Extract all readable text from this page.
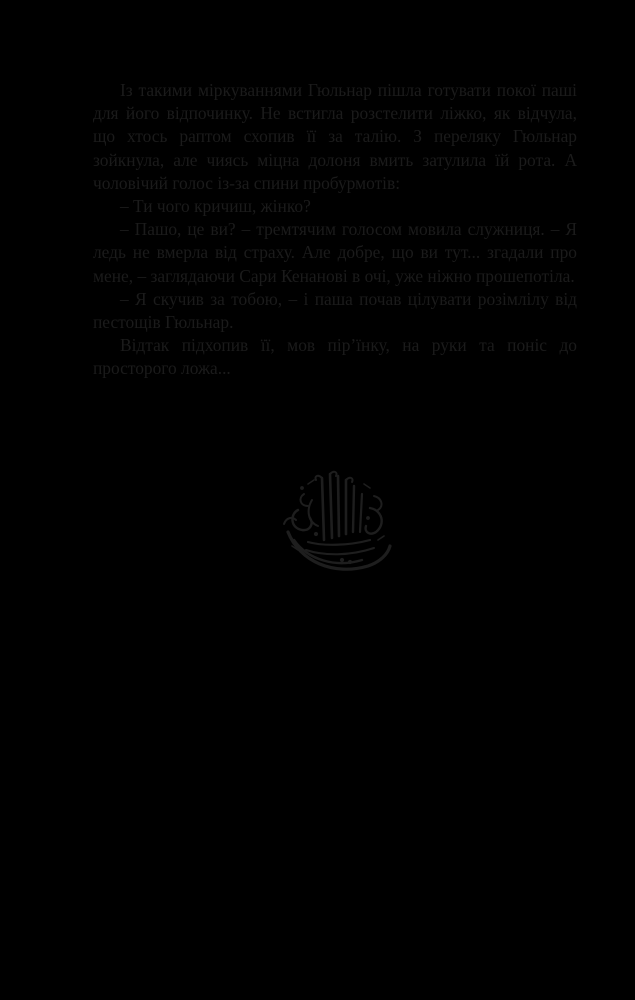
Із такими міркуваннями Гюльнар пішла готувати покої паші для його відпочинку. Не встигла розстелити ліжко, як відчула, що хтось раптом схопив її за талію. З переляку Гюльнар зойкнула, але чиясь міцна долоня вмить затулила їй рота. А чоловічий голос із-за спини пробурмотів:

– Ти чого кричиш, жінко?

– Пашо, це ви? – тремтячим голосом мовила служниця. – Я ледь не вмерла від страху. Але добре, що ви тут... згадали про мене, – заглядаючи Сари Кенанові в очі, уже ніжно прошепотіла.

– Я скучив за тобою, – і паша почав цілувати розімлілу від пестощів Гюльнар.

Відтак підхопив її, мов пір’їнку, на руки та поніс до просторого ложа...
